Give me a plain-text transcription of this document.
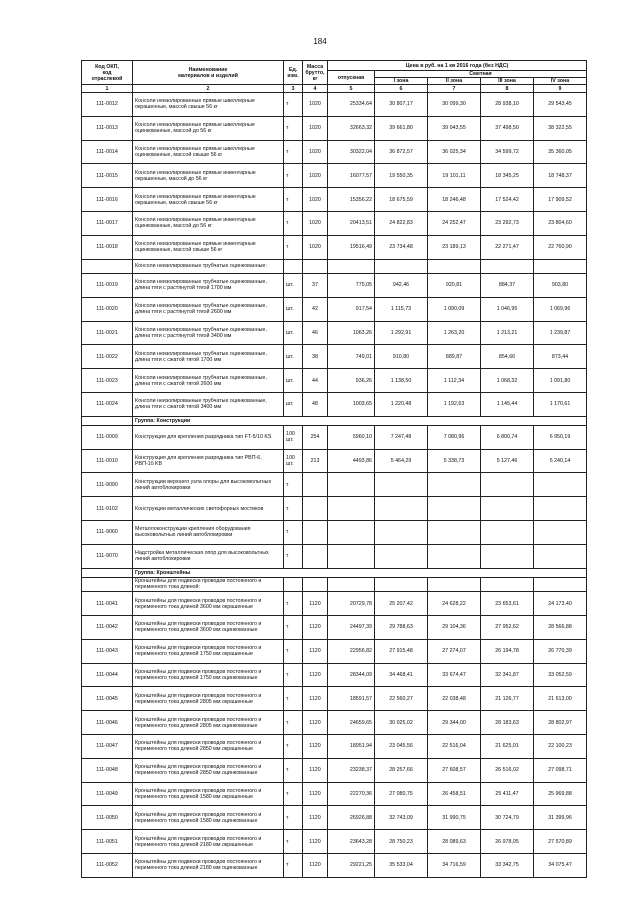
184
Код ОКП,
код
отраслевой	Наименование
материалов и изделий	Ед.
изм.	Масса
брутто,
кг	Цена в руб. на 1 кв 2016 года (без НДС)				
				отпускная	Сметная			
					I зона	II зона	III зона	IV зона
1	2	3	4	5	6	7	8	9
111-0012	Консоли неизолированные прямые швеллерные окрашенные, массой свыше 56 кг	т	1020	25334,64	30 807,17	30 099,30	28 938,10	29 543,45
111-0013	Консоли неизолированные прямые швеллерные оцинкованные, массой до 56 кг	т	1020	32663,32	39 661,80	39 043,55	37 498,50	38 322,55
111-0014	Консоли неизолированные прямые швеллерные оцинкованные, массой свыше 56 кг	т	1020	30322,04	36 872,57	36 025,34	34 599,72	35 360,05
111-0015	Консоли неизолированные прямые инвентарные окрашенные, массой до 56 кг	т	1020	16077,57	19 550,35	19 101,11	18 345,25	18 748,37
111-0016	Консоли неизолированные прямые инвентарные окрашенные, массой свыше 56 кг	т	1020	15356,22	18 675,59	18 246,48	17 524,42	17 909,52
111-0017	Консоли неизолированные прямые инвентарные оцинкованные, массой до 56 кг	т	1020	20413,51	24 822,83	24 252,47	23 292,73	23 804,60
111-0018	Консоли неизолированные прямые инвентарные оцинкованные, массой свыше 56 кг	т	1020	19516,49	23 734,48	23 189,13	22 271,47	22 760,90
	Консоли неизолированные трубчатые оцинкованные:							
111-0019	Консоли неизолированные трубчатые оцинкованные, длина тяги с растянутой тягой 1700 мм	шт.	37	775,05	942,46	920,81	884,37	903,80
111-0020	Консоли неизолированные трубчатые оцинкованные, длина тяги с растянутой тягой 2600 мм	шт.	42	917,54	1 115,73	1 090,09	1 046,95	1 069,96
111-0021	Консоли неизолированные трубчатые оцинкованные, длина тяги с растянутой тягой 3400 мм	шт.	46	1063,26	1 292,91	1 263,20	1 213,21	1 239,87
111-0022	Консоли неизолированные трубчатые оцинкованные, длина тяги с сжатой тягой 1700 мм	шт.	38	749,01	910,80	889,87	854,66	873,44
111-0023	Консоли неизолированные трубчатые оцинкованные, длина тяги с сжатой тягой 2600 мм	шт.	44	936,26	1 138,50	1 112,34	1 068,32	1 091,80
111-0024	Консоли неизолированные трубчатые оцинкованные, длина тяги с сжатой тягой 3400 мм	шт.	48	1003,65	1 220,48	1 192,63	1 145,44	1 170,61
	Группа: Конструкции							
111-0009	Конструкция для крепления разрядника тип FT-5/10 KS	100 шт.	254	5960,10	7 247,48	7 080,96	6 800,74	6 950,19
111-0010	Конструкция для крепления разрядника тип РВП-6, РВП-10 KB	100 шт.	213	4493,86	5 464,29	5 338,73	5 127,46	5 240,14
111-9090	Конструкции верхнего узла опоры для высоковольтных линий автоблокировки	т						
111-9102	Конструкции металлических светофорных мостиков	т						
111-9060	Металлоконструкции крепления оборудования высоковольтных линий автоблокировки	т						
111-9070	Надстройка металлическая опор для высоковольтных линий автоблокировки	т						
	Группа: Кронштейны							
	Кронштейны для подвески проводов постоянного и переменного тока длиной:							
111-0041	Кронштейны для подвески проводов постоянного и переменного тока длиной 3600 мм окрашенные	т	1120	20729,78	25 207,42	24 628,22	23 653,61	24 173,40
111-0042	Кронштейны для подвески проводов постоянного и переменного тока длиной 3600 мм оцинкованные	т	1120	24497,39	29 788,63	29 104,36	27 952,62	28 566,88
111-0043	Кронштейны для подвески проводов постоянного и переменного тока длиной 1750 мм окрашенные	т	1120	22956,82	27 915,48	27 274,07	26 194,78	26 770,39
111-0044	Кронштейны для подвески проводов постоянного и переменного тока длиной 1750 мм оцинкованные	т	1120	28344,09	34 468,41	33 674,47	32 341,87	33 052,59
111-0045	Кронштейны для подвески проводов постоянного и переменного тока длиной 2805 мм окрашенные	т	1120	18591,57	22 560,27	22 038,48	21 126,77	21 613,00
111-0046	Кронштейны для подвески проводов постоянного и переменного тока длиной 2805 мм оцинкованные	т	1120	24659,65	30 025,02	29 344,00	28 183,63	28 802,97
111-0047	Кронштейны для подвески проводов постоянного и переменного тока длиной 2850 мм окрашенные	т	1120	18951,94	23 045,56	22 516,04	21 625,01	22 100,23
111-0048	Кронштейны для подвески проводов постоянного и переменного тока длиной 2850 мм оцинкованные	т	1120	23238,37	28 257,66	27 608,57	26 516,02	27 098,71
111-0049	Кронштейны для подвески проводов постоянного и переменного тока длиной 1580 мм окрашенные	т	1120	22270,36	27 080,75	26 458,51	25 411,47	25 969,88
111-0050	Кронштейны для подвески проводов постоянного и переменного тока длиной 1580 мм оцинкованные	т	1120	26926,88	32 743,09	31 990,75	30 724,79	31 399,96
111-0051	Кронштейны для подвески проводов постоянного и переменного тока длиной 2180 мм окрашенные	т	1120	23643,28	28 750,23	28 089,63	26 978,05	27 570,89
111-0052	Кронштейны для подвески проводов постоянного и переменного тока длиной 2180 мм оцинкованные	т	1120	29221,25	35 533,04	34 716,59	33 342,75	34 075,47
